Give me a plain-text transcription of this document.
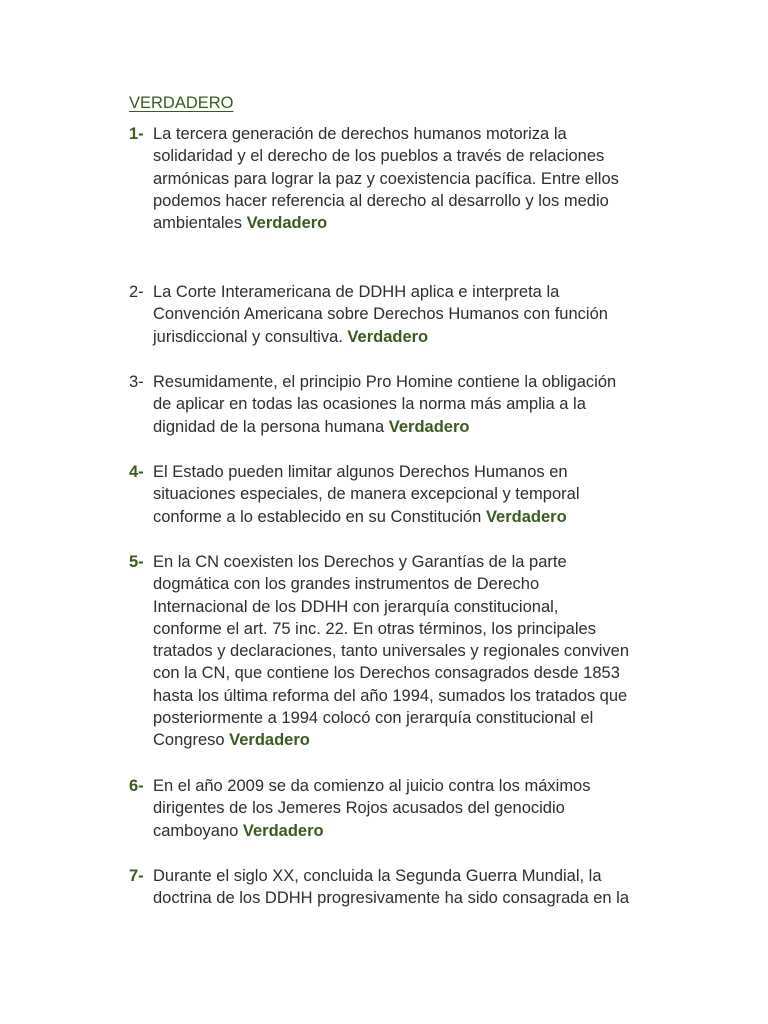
VERDADERO
1- La tercera generación de derechos humanos motoriza la
solidaridad y el derecho de los pueblos a través de relaciones
armónicas para lograr la paz y coexistencia pacífica. Entre ellos
podemos hacer referencia al derecho al desarrollo y los medio
ambientales Verdadero

2- La Corte Interamericana de DDHH aplica e interpreta la
Convención Americana sobre Derechos Humanos con función
jurisdiccional y consultiva. Verdadero

3- Resumidamente, el principio Pro Homine contiene la obligación
de aplicar en todas las ocasiones la norma más amplia a la
dignidad de la persona humana Verdadero

4- El Estado pueden limitar algunos Derechos Humanos en
situaciones especiales, de manera excepcional y temporal
conforme a lo establecido en su Constitución Verdadero

5- En la CN coexisten los Derechos y Garantías de la parte
dogmática con los grandes instrumentos de Derecho
Internacional de los DDHH con jerarquía constitucional,
conforme el art. 75 inc. 22. En otras términos, los principales
tratados y declaraciones, tanto universales y regionales conviven
con la CN, que contiene los Derechos consagrados desde 1853
hasta los última reforma del año 1994, sumados los tratados que
posteriormente a 1994 colocó con jerarquía constitucional el
Congreso Verdadero

6- En el año 2009 se da comienzo al juicio contra los máximos
dirigentes de los Jemeres Rojos acusados del genocidio
camboyano Verdadero

7- Durante el siglo XX, concluida la Segunda Guerra Mundial, la
doctrina de los DDHH progresivamente ha sido consagrada en la
